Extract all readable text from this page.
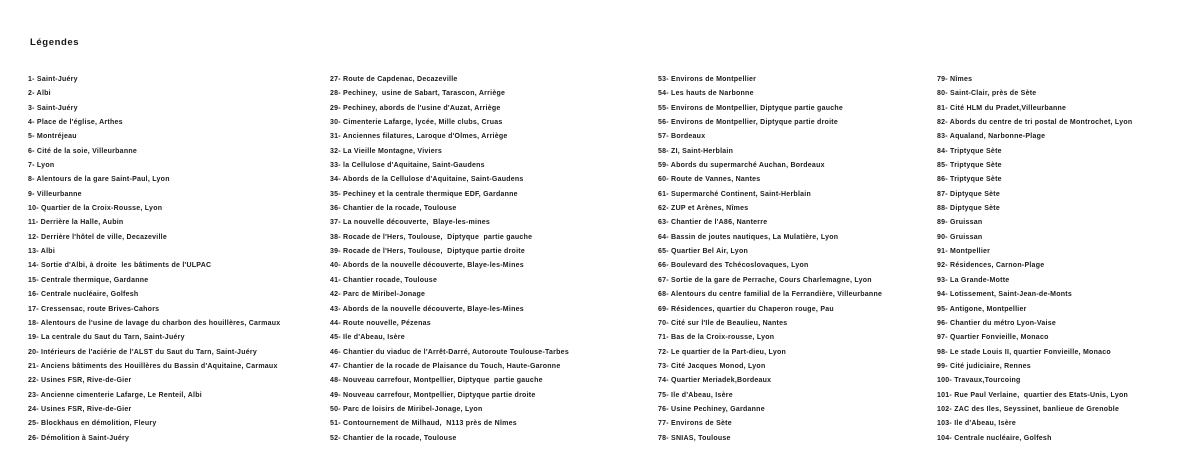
Légendes
1- Saint-Juéry
2- Albi
3- Saint-Juéry
4- Place de l'église, Arthes
5- Montréjeau
6- Cité de la soie, Villeurbanne
7- Lyon
8- Alentours de la gare Saint-Paul, Lyon
9- Villeurbanne
10- Quartier de la Croix-Rousse, Lyon
11- Derrière la Halle, Aubin
12- Derrière l'hôtel de ville, Decazeville
13- Albi
14- Sortie d'Albi, à droite  les bâtiments de l'ULPAC
15- Centrale thermique, Gardanne
16- Centrale nucléaire, Golfesh
17- Cressensac, route Brives-Cahors
18- Alentours de l'usine de lavage du charbon des houillères, Carmaux
19- La centrale du Saut du Tarn, Saint-Juéry
20- Intérieurs de l'aciérie de l'ALST du Saut du Tarn, Saint-Juéry
21- Anciens bâtiments des Houillères du Bassin d'Aquitaine, Carmaux
22- Usines FSR, Rive-de-Gier
23- Ancienne cimenterie Lafarge, Le Renteil, Albi
24- Usines FSR, Rive-de-Gier
25- Blockhaus en démolition, Fleury
26- Démolition à Saint-Juéry
27- Route de Capdenac, Decazeville
28- Pechiney,  usine de Sabart, Tarascon, Arriège
29- Pechiney, abords de l'usine d'Auzat, Arriège
30- Cimenterie Lafarge, lycée, Mille clubs, Cruas
31- Anciennes filatures, Laroque d'Olmes, Arriège
32- La Vieille Montagne, Viviers
33- la Cellulose d'Aquitaine, Saint-Gaudens
34- Abords de la Cellulose d'Aquitaine, Saint-Gaudens
35- Pechiney et la centrale thermique EDF, Gardanne
36- Chantier de la rocade, Toulouse
37- La nouvelle découverte,  Blaye-les-mines
38- Rocade de l'Hers, Toulouse,  Diptyque  partie gauche
39- Rocade de l'Hers, Toulouse,  Diptyque partie droite
40- Abords de la nouvelle découverte, Blaye-les-Mines
41- Chantier rocade, Toulouse
42- Parc de Miribel-Jonage
43- Abords de la nouvelle découverte, Blaye-les-Mines
44- Route nouvelle, Pézenas
45- Ile d'Abeau, Isère
46- Chantier du viaduc de l'Arrêt-Darré, Autoroute Toulouse-Tarbes
47- Chantier de la rocade de Plaisance du Touch, Haute-Garonne
48- Nouveau carrefour, Montpellier, Diptyque  partie gauche
49- Nouveau carrefour, Montpellier, Diptyque partie droite
50- Parc de loisirs de Miribel-Jonage, Lyon
51- Contournement de Milhaud,  N113 près de Nîmes
52- Chantier de la rocade, Toulouse
53- Environs de Montpellier
54- Les hauts de Narbonne
55- Environs de Montpellier, Diptyque partie gauche
56- Environs de Montpellier, Diptyque partie droite
57- Bordeaux
58- ZI, Saint-Herblain
59- Abords du supermarché Auchan, Bordeaux
60- Route de Vannes, Nantes
61- Supermarché Continent, Saint-Herblain
62- ZUP et Arènes, Nîmes
63- Chantier de l'A86, Nanterre
64- Bassin de joutes nautiques, La Mulatière, Lyon
65- Quartier Bel Air, Lyon
66- Boulevard des Tchécoslovaques, Lyon
67- Sortie de la gare de Perrache, Cours Charlemagne, Lyon
68- Alentours du centre familial de la Ferrandière, Villeurbanne
69- Résidences, quartier du Chaperon rouge, Pau
70- Cité sur l'Ile de Beaulieu, Nantes
71- Bas de la Croix-rousse, Lyon
72- Le quartier de la Part-dieu, Lyon
73- Cité Jacques Monod, Lyon
74- Quartier Meriadek,Bordeaux
75- Ile d'Abeau, Isère
76- Usine Pechiney, Gardanne
77- Environs de Sète
78- SNIAS, Toulouse
79- Nîmes
80- Saint-Clair, près de Sète
81- Cité HLM du Pradet,Villeurbanne
82- Abords du centre de tri postal de Montrochet, Lyon
83- Aqualand, Narbonne-Plage
84- Triptyque Sète
85- Triptyque Sète
86- Triptyque Sète
87- Diptyque Sète
88- Diptyque Sète
89- Gruissan
90- Gruissan
91- Montpellier
92- Résidences, Carnon-Plage
93- La Grande-Motte
94- Lotissement, Saint-Jean-de-Monts
95- Antigone, Montpellier
96- Chantier du métro Lyon-Vaise
97- Quartier Fonvieille, Monaco
98- Le stade Louis II, quartier Fonvieille, Monaco
99- Cité judiciaire, Rennes
100- Travaux,Tourcoing
101- Rue Paul Verlaine,  quartier des Etats-Unis, Lyon
102- ZAC des Iles, Seyssinet, banlieue de Grenoble
103- Ile d'Abeau, Isère
104- Centrale nucléaire, Golfesh
